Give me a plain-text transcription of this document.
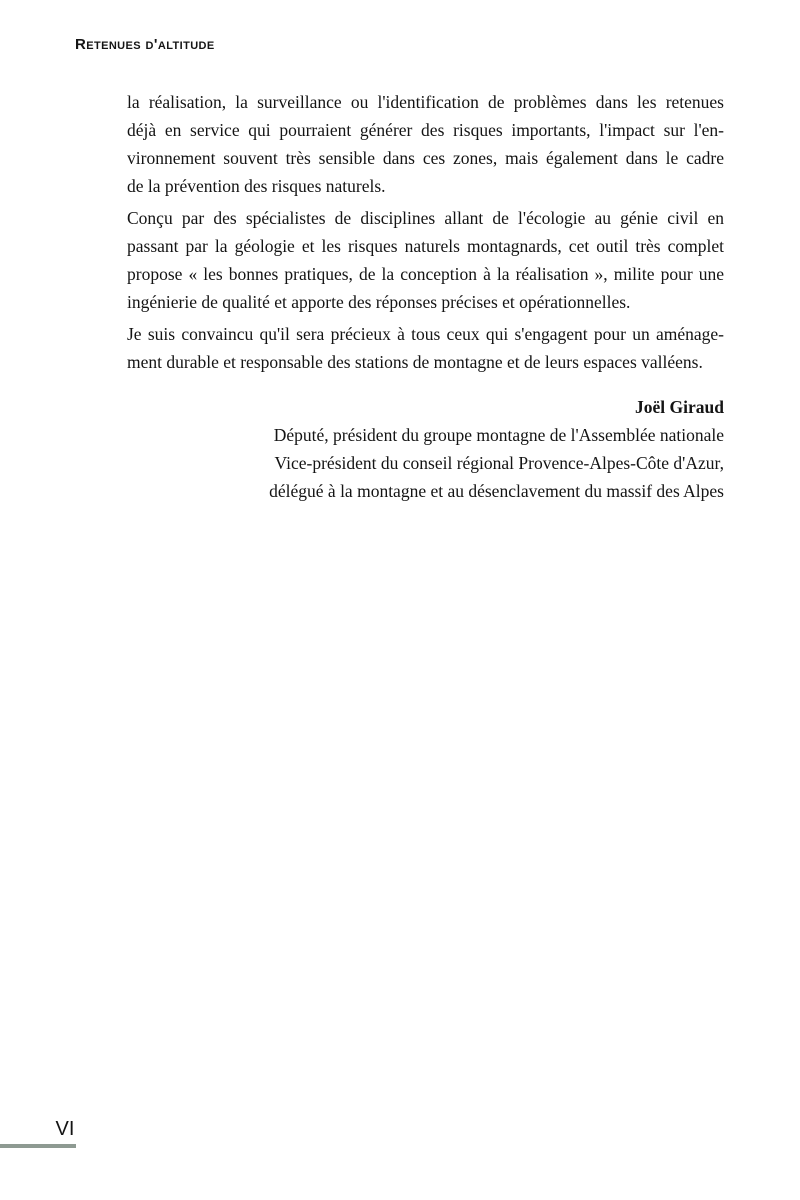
Retenues d'altitude
la réalisation, la surveillance ou l'identification de problèmes dans les retenues
déjà en service qui pourraient générer des risques importants, l'impact sur l'en-
vironnement souvent très sensible dans ces zones, mais également dans le cadre
de la prévention des risques naturels.
Conçu par des spécialistes de disciplines allant de l'écologie au génie civil en
passant par la géologie et les risques naturels montagnards, cet outil très complet
propose « les bonnes pratiques, de la conception à la réalisation », milite pour une
ingénierie de qualité et apporte des réponses précises et opérationnelles.
Je suis convaincu qu'il sera précieux à tous ceux qui s'engagent pour un aménage-
ment durable et responsable des stations de montagne et de leurs espaces valléens.
Joël Giraud
Député, président du groupe montagne de l'Assemblée nationale
Vice-président du conseil régional Provence-Alpes-Côte d'Azur,
délégué à la montagne et au désenclavement du massif des Alpes
VI
